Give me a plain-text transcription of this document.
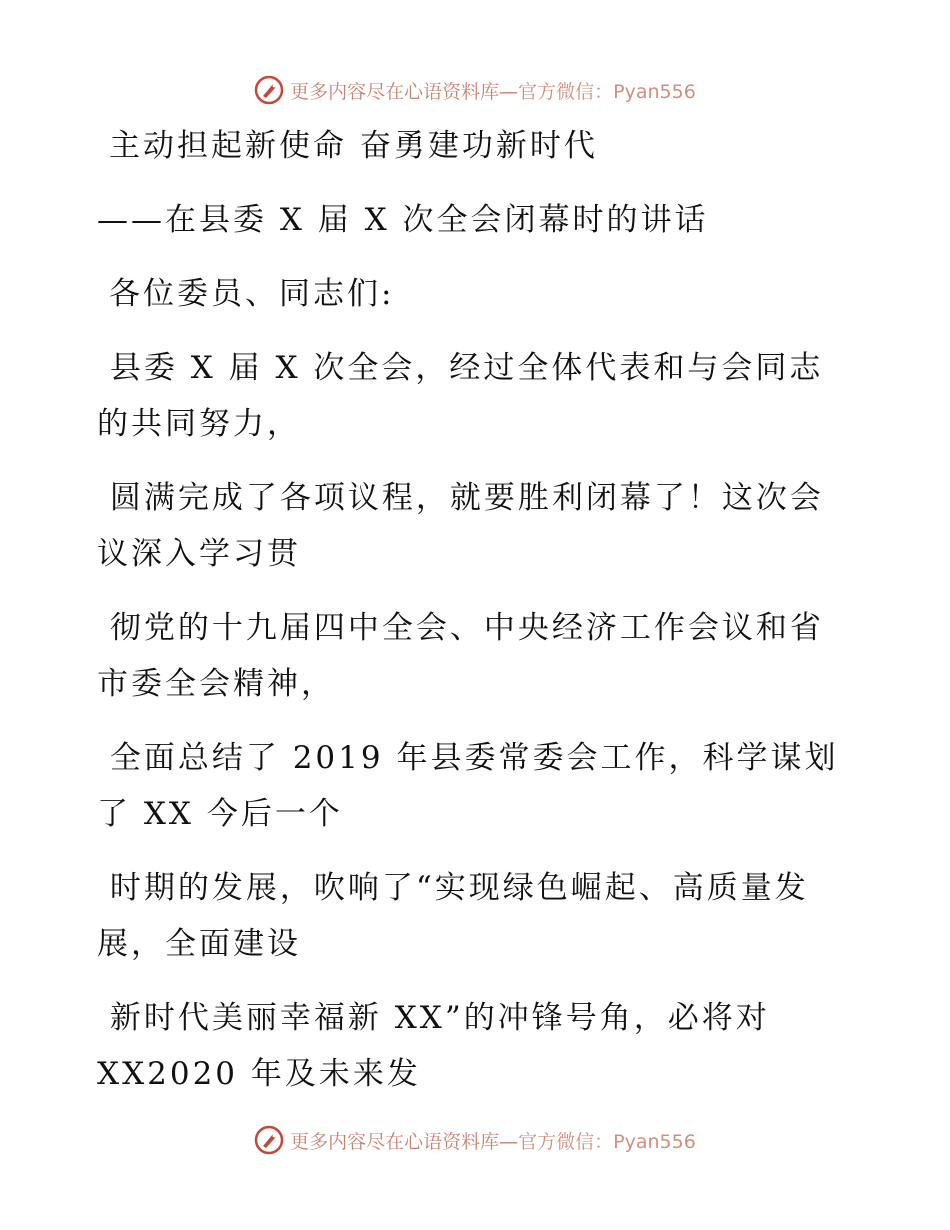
更多内容尽在心语资料库—官方微信：Pyan556
主动担起新使命 奋勇建功新时代
——在县委 X 届 X 次全会闭幕时的讲话
各位委员、同志们:
县委 X 届 X 次全会，经过全体代表和与会同志
的共同努力，
圆满完成了各项议程，就要胜利闭幕了！这次会
议深入学习贯
彻党的十九届四中全会、中央经济工作会议和省
市委全会精神，
全面总结了 2019 年县委常委会工作，科学谋划
了 XX 今后一个
时期的发展，吹响了“实现绿色崛起、高质量发
展，全面建设
新时代美丽幸福新 XX”的冲锋号角，必将对
XX2020 年及未来发
更多内容尽在心语资料库—官方微信：Pyan556
